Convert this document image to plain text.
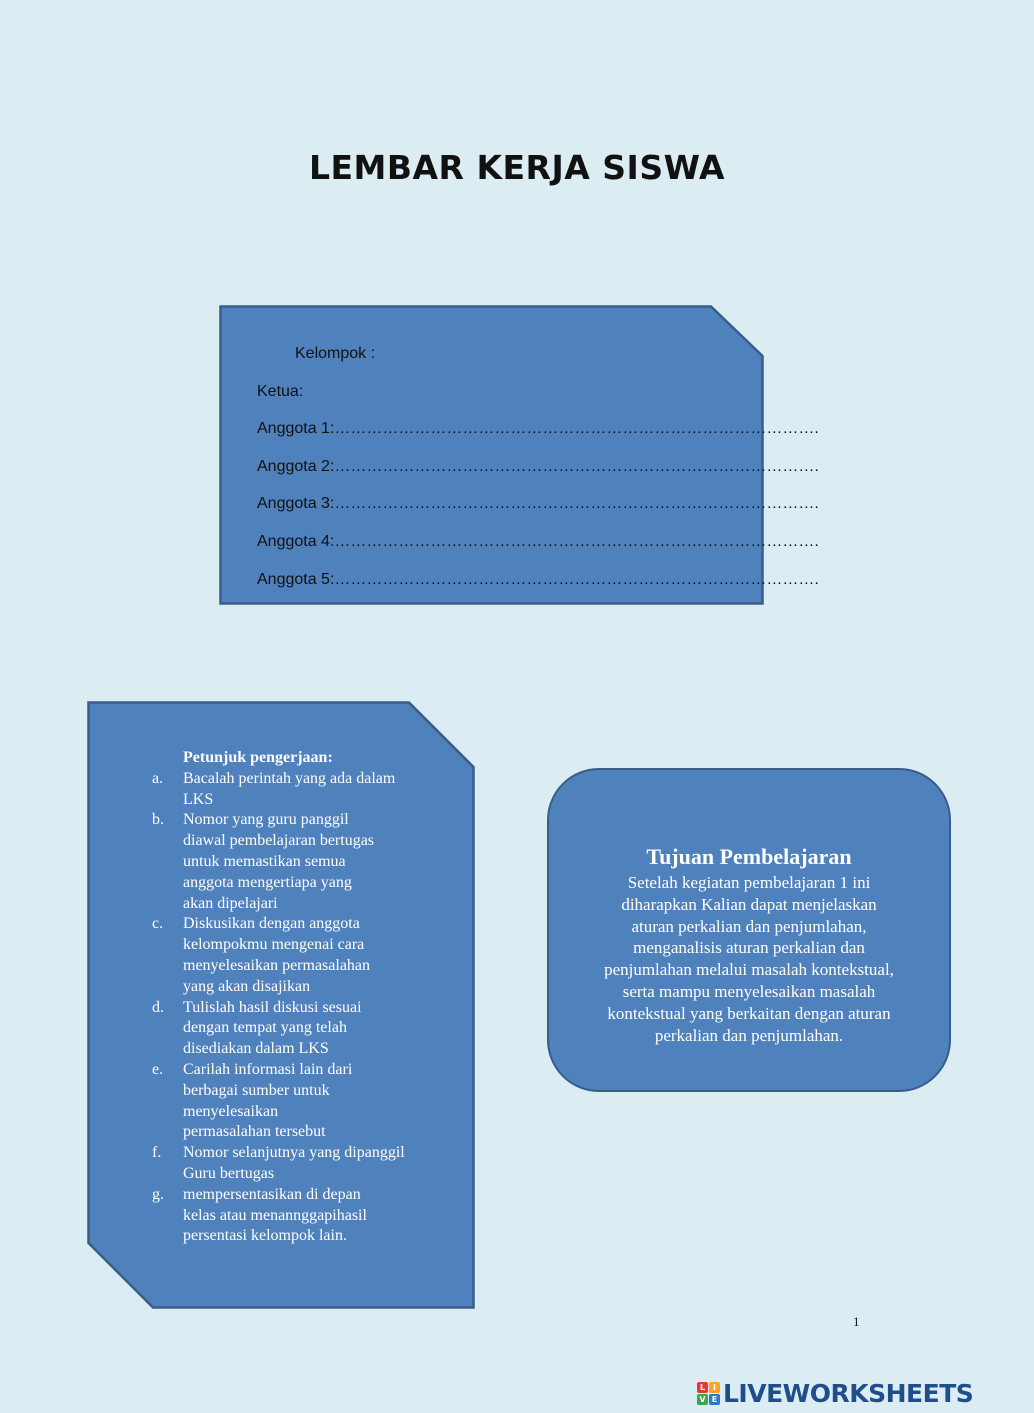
LEMBAR KERJA SISWA
Kelompok :
Ketua:
Anggota 1:……………………………………………………………………………….
Anggota 2:……………………………………………………………………………….
Anggota 3:……………………………………………………………………………….
Anggota 4:……………………………………………………………………………….
Anggota 5:……………………………………………………………………………….
Petunjuk pengerjaan:
a. Bacalah perintah yang ada dalam
LKS
b. Nomor yang guru panggil
diawal pembelajaran bertugas
untuk memastikan semua
anggota mengertiapa yang
akan dipelajari
c. Diskusikan dengan anggota
kelompokmu mengenai cara
menyelesaikan permasalahan
yang akan disajikan
d. Tulislah hasil diskusi sesuai
dengan tempat yang telah
disediakan dalam LKS
e. Carilah informasi lain dari
berbagai sumber untuk
menyelesaikan
permasalahan tersebut
f. Nomor selanjutnya yang dipanggil
Guru bertugas
g. mempersentasikan di depan
kelas atau menannggapihasil
persentasi kelompok lain.
Tujuan Pembelajaran
Setelah kegiatan pembelajaran 1 ini
diharapkan Kalian dapat menjelaskan
aturan perkalian dan penjumlahan,
menganalisis aturan perkalian dan
penjumlahan melalui masalah kontekstual,
serta mampu menyelesaikan masalah
kontekstual yang berkaitan dengan aturan
perkalian dan penjumlahan.
1
L I
V E LIVEWORKSHEETS
